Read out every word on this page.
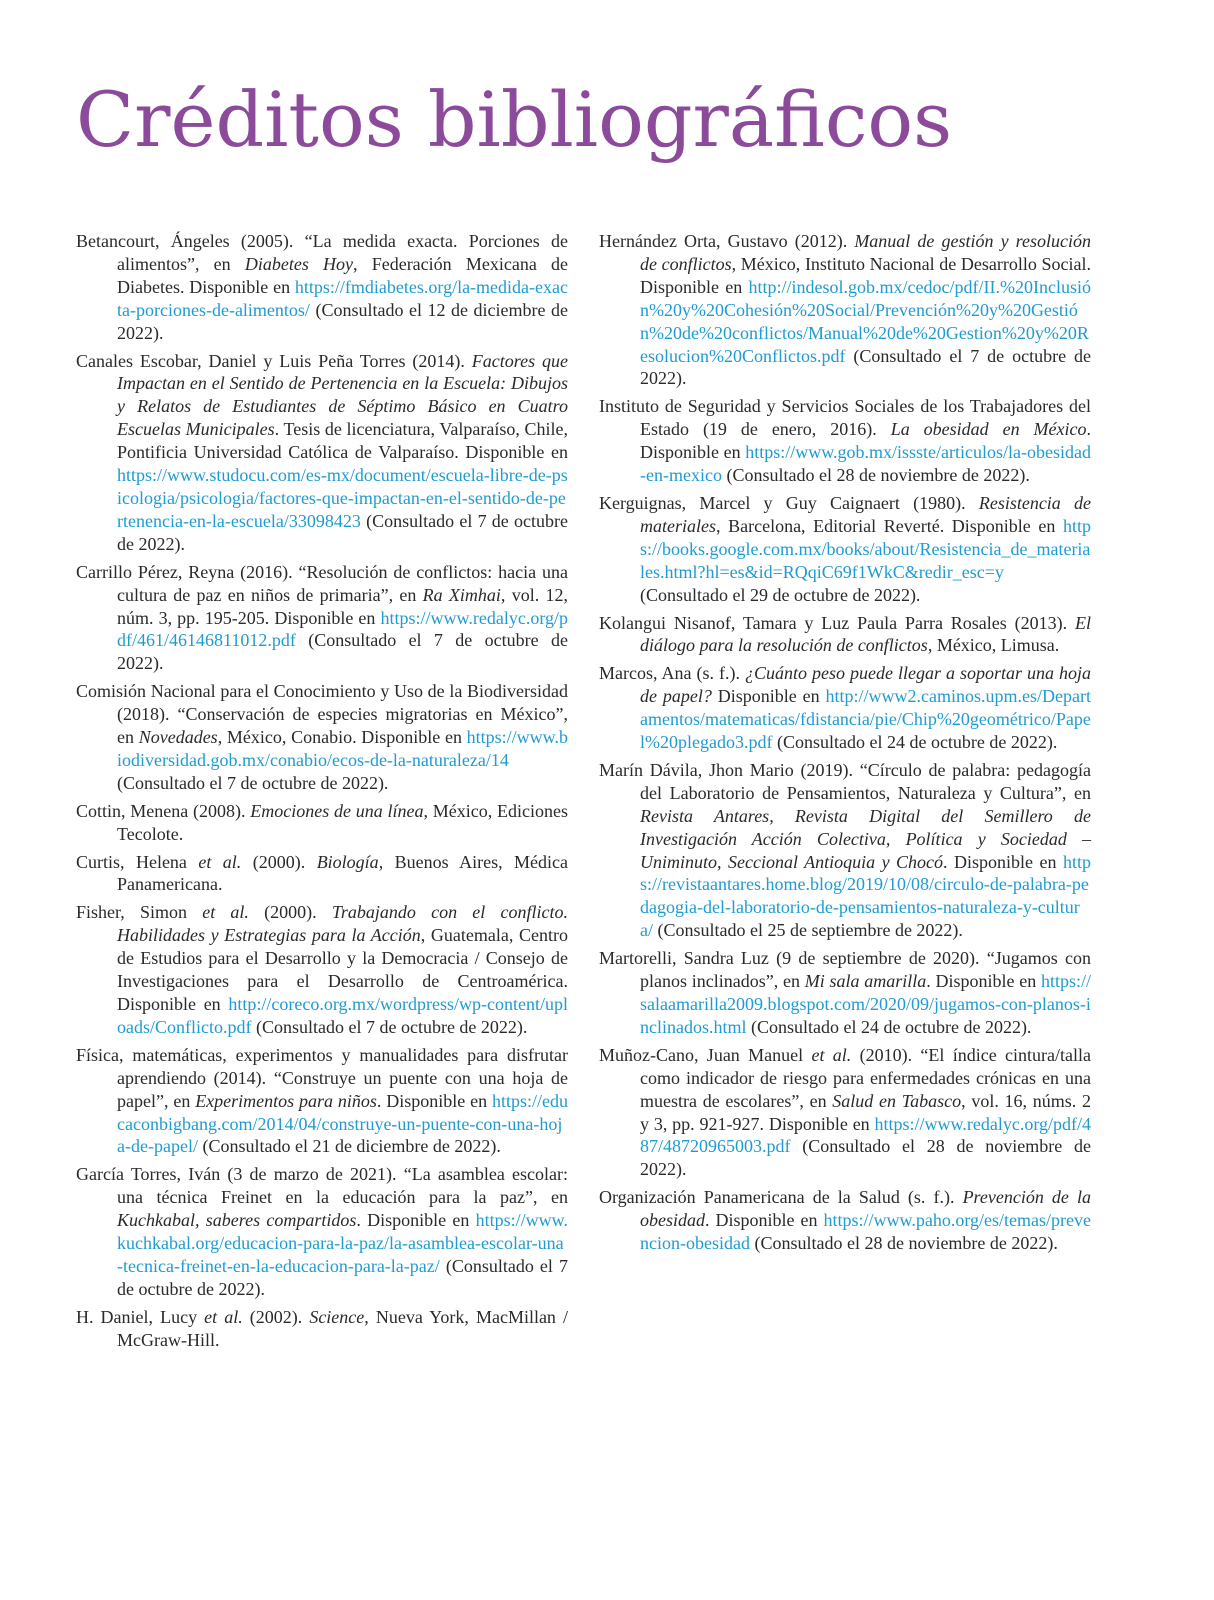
Créditos bibliográficos

Betancourt, Ángeles (2005). “La medida exacta. Porciones de alimentos”, en Diabetes Hoy, Federación Mexicana de Diabetes. Disponible en https://fmdiabetes.org/la-medida-exacta-porciones-de-alimentos/ (Consultado el 12 de diciembre de 2022).

Canales Escobar, Daniel y Luis Peña Torres (2014). Factores que Impactan en el Sentido de Pertenencia en la Escuela: Dibujos y Relatos de Estudiantes de Séptimo Básico en Cuatro Escuelas Municipales. Tesis de licenciatura, Valparaíso, Chile, Pontificia Universidad Católica de Valparaíso. Disponible en https://www.studocu.com/es-mx/document/escuela-libre-de-psicologia/psicologia/factores-que-impactan-en-el-sentido-de-pertenencia-en-la-escuela/33098423 (Consultado el 7 de octubre de 2022).

Carrillo Pérez, Reyna (2016). “Resolución de conflictos: hacia una cultura de paz en niños de primaria”, en Ra Ximhai, vol. 12, núm. 3, pp. 195-205. Disponible en https://www.redalyc.org/pdf/461/46146811012.pdf (Consultado el 7 de octubre de 2022).

Comisión Nacional para el Conocimiento y Uso de la Biodiversidad (2018). “Conservación de especies migratorias en México”, en Novedades, México, Conabio. Disponible en https://www.biodiversidad.gob.mx/conabio/ecos-de-la-naturaleza/14 (Consultado el 7 de octubre de 2022).

Cottin, Menena (2008). Emociones de una línea, México, Ediciones Tecolote.

Curtis, Helena et al. (2000). Biología, Buenos Aires, Médica Panamericana.

Fisher, Simon et al. (2000). Trabajando con el conflicto. Habilidades y Estrategias para la Acción, Guatemala, Centro de Estudios para el Desarrollo y la Democracia / Consejo de Investigaciones para el Desarrollo de Centroamérica. Disponible en http://coreco.org.mx/wordpress/wp-content/uploads/Conflicto.pdf (Consultado el 7 de octubre de 2022).

Física, matemáticas, experimentos y manualidades para disfrutar aprendiendo (2014). “Construye un puente con una hoja de papel”, en Experimentos para niños. Disponible en https://educaconbigbang.com/2014/04/construye-un-puente-con-una-hoja-de-papel/ (Consultado el 21 de diciembre de 2022).

García Torres, Iván (3 de marzo de 2021). “La asamblea escolar: una técnica Freinet en la educación para la paz”, en Kuchkabal, saberes compartidos. Disponible en https://www.kuchkabal.org/educacion-para-la-paz/la-asamblea-escolar-una-tecnica-freinet-en-la-educacion-para-la-paz/ (Consultado el 7 de octubre de 2022).

H. Daniel, Lucy et al. (2002). Science, Nueva York, MacMillan / McGraw-Hill.

Hernández Orta, Gustavo (2012). Manual de gestión y resolución de conflictos, México, Instituto Nacional de Desarrollo Social. Disponible en http://indesol.gob.mx/cedoc/pdf/II.%20Inclusión%20y%20Cohesión%20Social/Prevención%20y%20Gestión%20de%20conflictos/Manual%20de%20Gestion%20y%20Resolucion%20Conflictos.pdf (Consultado el 7 de octubre de 2022).

Instituto de Seguridad y Servicios Sociales de los Trabajadores del Estado (19 de enero, 2016). La obesidad en México. Disponible en https://www.gob.mx/issste/articulos/la-obesidad-en-mexico (Consultado el 28 de noviembre de 2022).

Kerguignas, Marcel y Guy Caignaert (1980). Resistencia de materiales, Barcelona, Editorial Reverté. Disponible en https://books.google.com.mx/books/about/Resistencia_de_materiales.html?hl=es&id=RQqiC69f1WkC&redir_esc=y (Consultado el 29 de octubre de 2022).

Kolangui Nisanof, Tamara y Luz Paula Parra Rosales (2013). El diálogo para la resolución de conflictos, México, Limusa.

Marcos, Ana (s. f.). ¿Cuánto peso puede llegar a soportar una hoja de papel? Disponible en http://www2.caminos.upm.es/Departamentos/matematicas/fdistancia/pie/Chip%20geométrico/Papel%20plegado3.pdf (Consultado el 24 de octubre de 2022).

Marín Dávila, Jhon Mario (2019). “Círculo de palabra: pedagogía del Laboratorio de Pensamientos, Naturaleza y Cultura”, en Revista Antares, Revista Digital del Semillero de Investigación Acción Colectiva, Política y Sociedad – Uniminuto, Seccional Antioquia y Chocó. Disponible en https://revistaantares.home.blog/2019/10/08/circulo-de-palabra-pedagogia-del-laboratorio-de-pensamientos-naturaleza-y-cultura/ (Consultado el 25 de septiembre de 2022).

Martorelli, Sandra Luz (9 de septiembre de 2020). “Jugamos con planos inclinados”, en Mi sala amarilla. Disponible en https://salaamarilla2009.blogspot.com/2020/09/jugamos-con-planos-inclinados.html (Consultado el 24 de octubre de 2022).

Muñoz-Cano, Juan Manuel et al. (2010). “El índice cintura/talla como indicador de riesgo para enfermedades crónicas en una muestra de escolares”, en Salud en Tabasco, vol. 16, núms. 2 y 3, pp. 921-927. Disponible en https://www.redalyc.org/pdf/487/48720965003.pdf (Consultado el 28 de noviembre de 2022).

Organización Panamericana de la Salud (s. f.). Prevención de la obesidad. Disponible en https://www.paho.org/es/temas/prevencion-obesidad (Consultado el 28 de noviembre de 2022).
